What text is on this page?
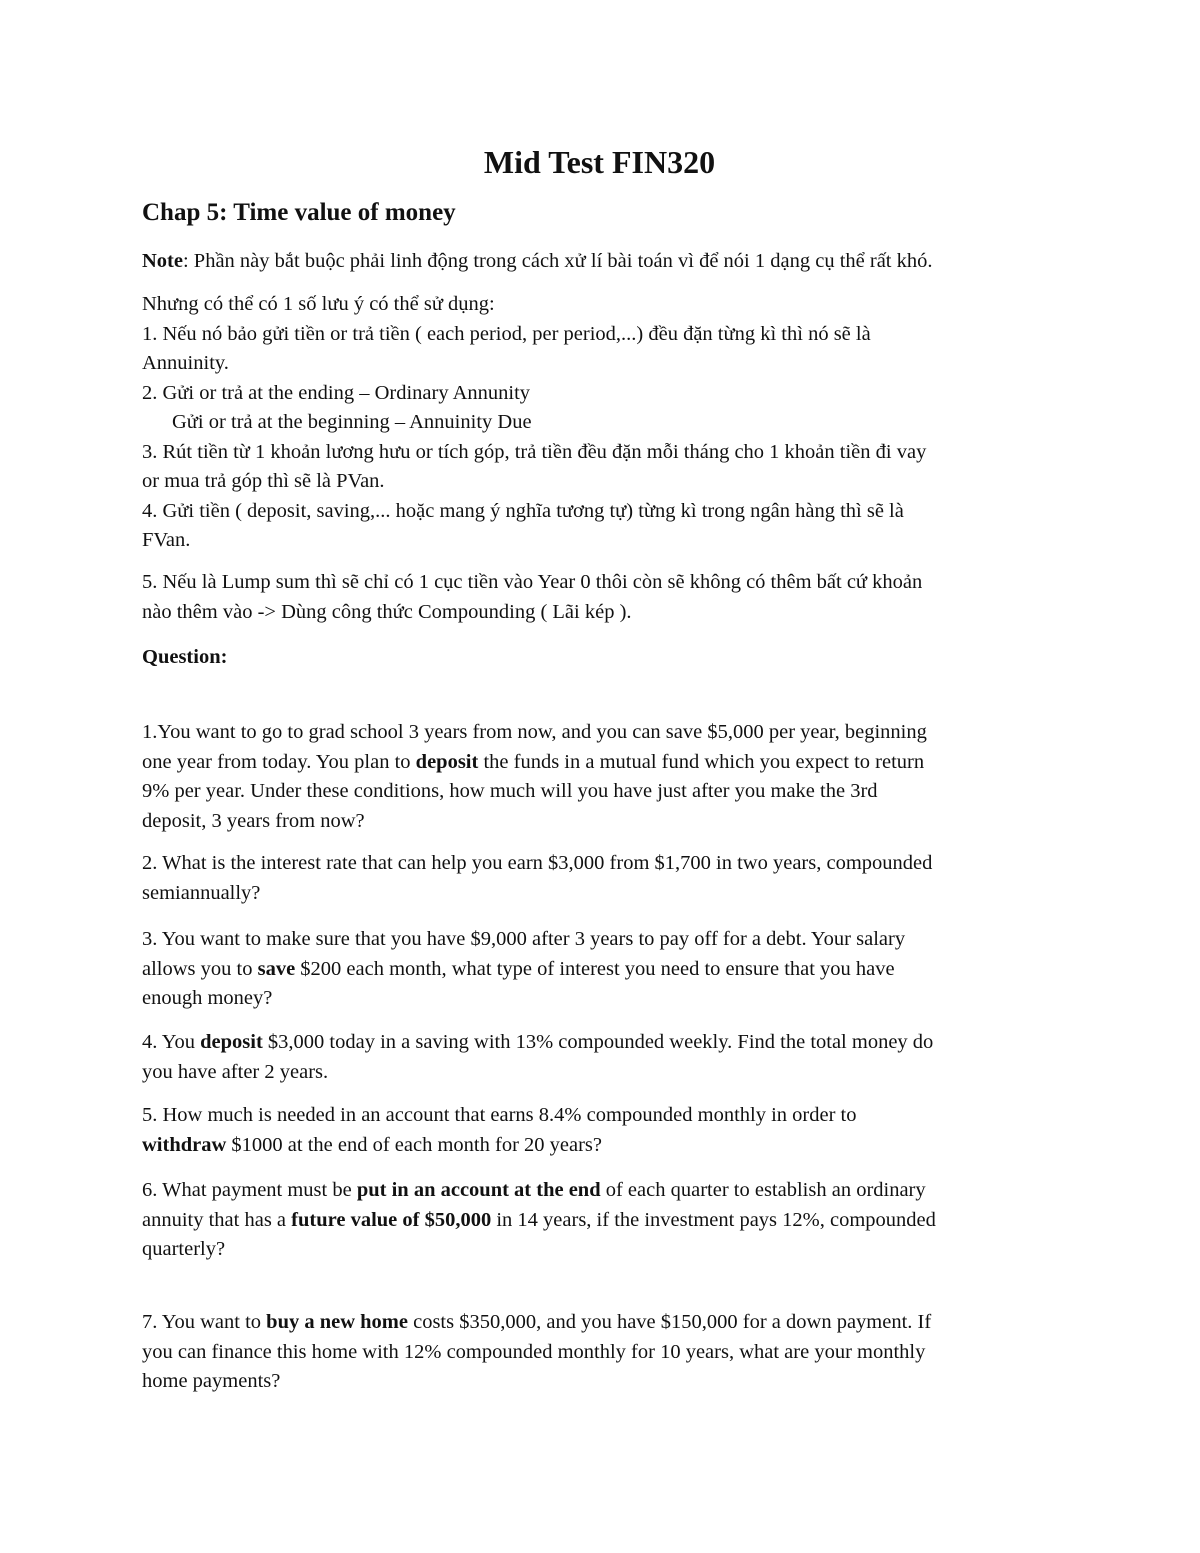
Mid Test FIN320
Chap 5: Time value of money

Note: Phần này bắt buộc phải linh động trong cách xử lí bài toán vì để nói 1 dạng cụ thể rất khó.

Nhưng có thể có 1 số lưu ý có thể sử dụng:
1. Nếu nó bảo gửi tiền or trả tiền ( each period, per period,...) đều đặn từng kì thì nó sẽ là
Annuinity.
2. Gửi or trả at the ending – Ordinary Annunity
Gửi or trả at the beginning – Annuinity Due
3. Rút tiền từ 1 khoản lương hưu or tích góp, trả tiền đều đặn mỗi tháng cho 1 khoản tiền đi vay
or mua trả góp thì sẽ là PVan.
4. Gửi tiền ( deposit, saving,... hoặc mang ý nghĩa tương tự) từng kì trong ngân hàng thì sẽ là
FVan.

5. Nếu là Lump sum thì sẽ chỉ có 1 cục tiền vào Year 0 thôi còn sẽ không có thêm bất cứ khoản
nào thêm vào -> Dùng công thức Compounding ( Lãi kép ).

Question:

1.You want to go to grad school 3 years from now, and you can save $5,000 per year, beginning
one year from today. You plan to deposit the funds in a mutual fund which you expect to return
9% per year. Under these conditions, how much will you have just after you make the 3rd
deposit, 3 years from now?

2. What is the interest rate that can help you earn $3,000 from $1,700 in two years, compounded
semiannually?

3. You want to make sure that you have $9,000 after 3 years to pay off for a debt. Your salary
allows you to save $200 each month, what type of interest you need to ensure that you have
enough money?

4. You deposit $3,000 today in a saving with 13% compounded weekly. Find the total money do
you have after 2 years.

5. How much is needed in an account that earns 8.4% compounded monthly in order to
withdraw $1000 at the end of each month for 20 years?

6. What payment must be put in an account at the end of each quarter to establish an ordinary
annuity that has a future value of $50,000 in 14 years, if the investment pays 12%, compounded
quarterly?

7. You want to buy a new home costs $350,000, and you have $150,000 for a down payment. If
you can finance this home with 12% compounded monthly for 10 years, what are your monthly
home payments?
